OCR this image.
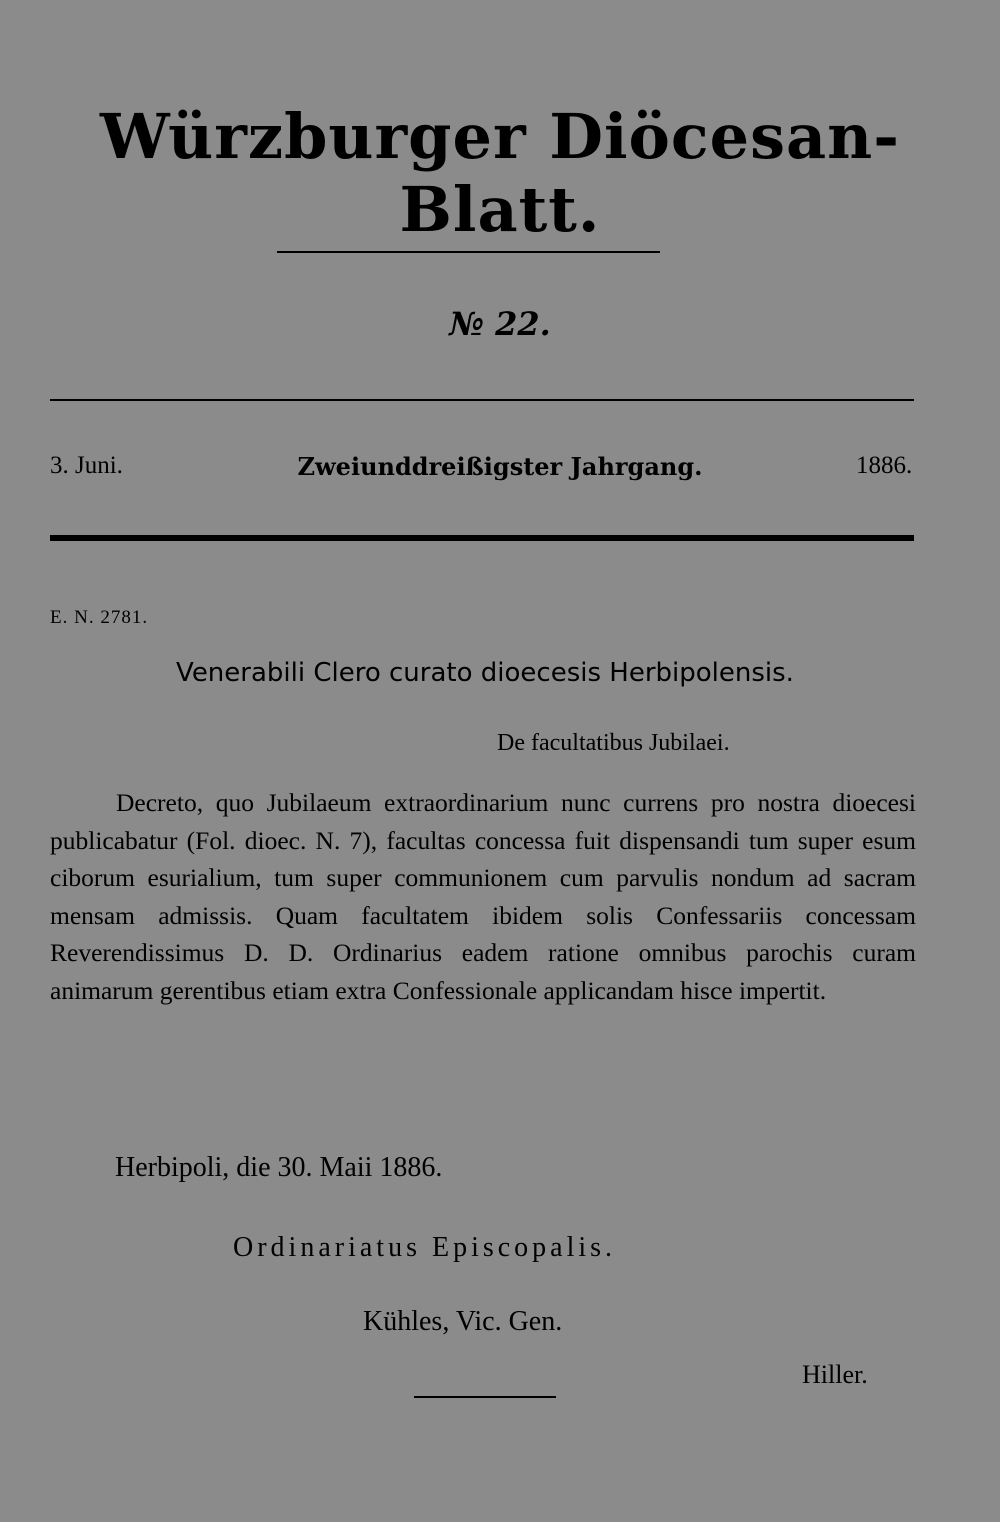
Würzburger Diöcesan-Blatt.
№ 22.
3. Juni.	Zweiunddreißigster Jahrgang.	1886.
E. N. 2781.
Venerabili Clero curato dioecesis Herbipolensis.
De facultatibus Jubilaei.

Decreto, quo Jubilaeum extraordinarium nunc currens pro nostra dioecesi publicabatur (Fol. dioec. N. 7), facultas concessa fuit dispensandi tum super esum ciborum esurialium, tum super communionem cum parvulis nondum ad sacram mensam admissis. Quam facultatem ibidem solis Confessariis concessam Reverendissimus D. D. Ordinarius eadem ratione omnibus parochis curam animarum gerentibus etiam extra Confessionale applicandam hisce impertit.

Herbipoli, die 30. Maii 1886.
Ordinariatus Episcopalis.
Kühles, Vic. Gen.
Hiller.
